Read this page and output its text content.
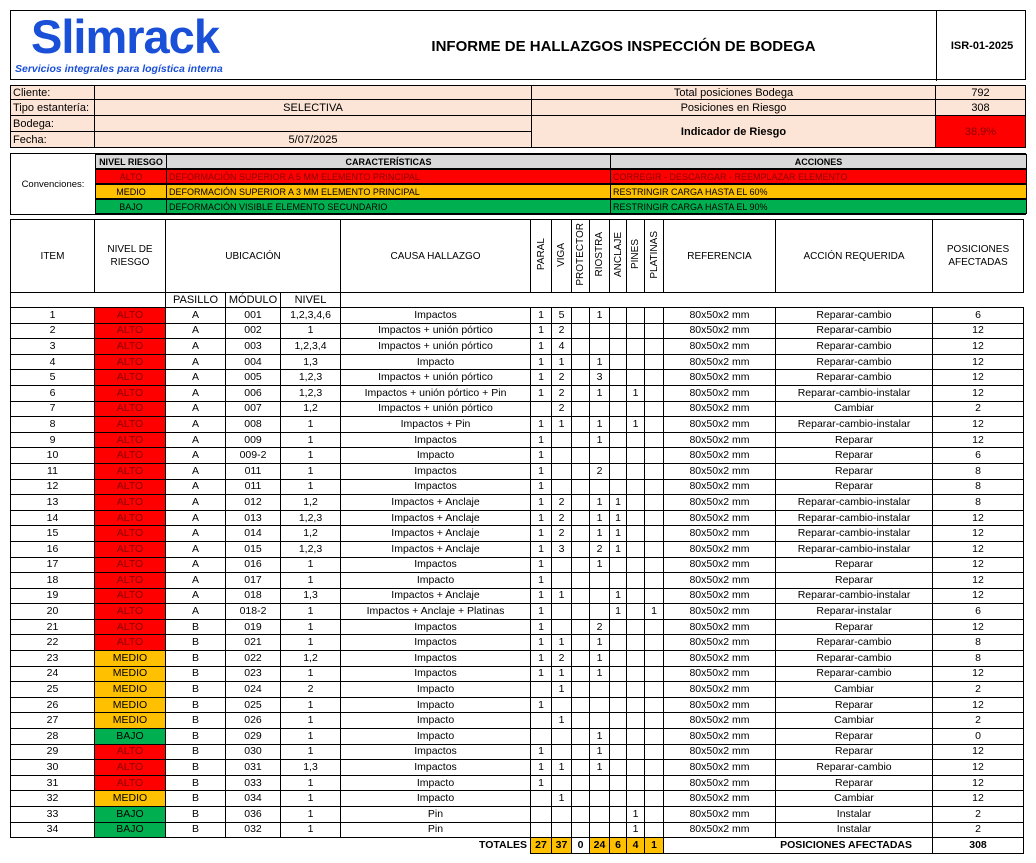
Slimrack
Servicios integrales para logística interna
INFORME DE HALLAZGOS INSPECCIÓN DE BODEGA	ISR-01-2025
Cliente:
Tipo estantería:	SELECTIVA
Bodega:
Fecha:	5/07/2025
Total posiciones Bodega	792
Posiciones en Riesgo	308
Indicador de Riesgo	38,9%
Convenciones:
NIVEL RIESGO	CARACTERÍSTICAS	ACCIONES
ALTO	DEFORMACIÓN SUPERIOR A 5 MM ELEMENTO PRINCIPAL	CORREGIR - DESCARGAR - REEMPLAZAR ELEMENTO
MEDIO	DEFORMACIÓN SUPERIOR A 3 MM ELEMENTO PRINCIPAL	RESTRINGIR CARGA HASTA EL 60%
BAJO	DEFORMACIÓN VISIBLE ELEMENTO SECUNDARIO	RESTRINGIR CARGA HASTA EL 90%
ITEM	NIVEL DE RIESGO	UBICACIÓN			CAUSA HALLAZGO	PARAL	VIGA	PROTECTOR	RIOSTRA	ANCLAJE	PINES	PLATINAS	REFERENCIA	ACCIÓN REQUERIDA	POSICIONES AFECTADAS
		PASILLO	MÓDULO	NIVEL											
1	ALTO	A	001	1,2,3,4,6	Impactos	1	5		1				80x50x2 mm	Reparar-cambio	6
2	ALTO	A	002	1	Impactos + unión pórtico	1	2						80x50x2 mm	Reparar-cambio	12
3	ALTO	A	003	1,2,3,4	Impactos + unión pórtico	1	4						80x50x2 mm	Reparar-cambio	12
4	ALTO	A	004	1,3	Impacto	1	1		1				80x50x2 mm	Reparar-cambio	12
5	ALTO	A	005	1,2,3	Impactos + unión pórtico	1	2		3				80x50x2 mm	Reparar-cambio	12
6	ALTO	A	006	1,2,3	Impactos + unión pórtico + Pin	1	2		1		1		80x50x2 mm	Reparar-cambio-instalar	12
7	ALTO	A	007	1,2	Impactos + unión pórtico		2						80x50x2 mm	Cambiar	2
8	ALTO	A	008	1	Impactos + Pin	1	1		1		1		80x50x2 mm	Reparar-cambio-instalar	12
9	ALTO	A	009	1	Impactos	1			1				80x50x2 mm	Reparar	12
10	ALTO	A	009-2	1	Impacto	1							80x50x2 mm	Reparar	6
11	ALTO	A	011	1	Impactos	1			2				80x50x2 mm	Reparar	8
12	ALTO	A	011	1	Impactos	1							80x50x2 mm	Reparar	8
13	ALTO	A	012	1,2	Impactos + Anclaje	1	2		1	1			80x50x2 mm	Reparar-cambio-instalar	8
14	ALTO	A	013	1,2,3	Impactos + Anclaje	1	2		1	1			80x50x2 mm	Reparar-cambio-instalar	12
15	ALTO	A	014	1,2	Impactos + Anclaje	1	2		1	1			80x50x2 mm	Reparar-cambio-instalar	12
16	ALTO	A	015	1,2,3	Impactos + Anclaje	1	3		2	1			80x50x2 mm	Reparar-cambio-instalar	12
17	ALTO	A	016	1	Impactos	1			1				80x50x2 mm	Reparar	12
18	ALTO	A	017	1	Impacto	1							80x50x2 mm	Reparar	12
19	ALTO	A	018	1,3	Impactos + Anclaje	1	1			1			80x50x2 mm	Reparar-cambio-instalar	12
20	ALTO	A	018-2	1	Impactos + Anclaje + Platinas	1				1		1	80x50x2 mm	Reparar-instalar	6
21	ALTO	B	019	1	Impactos	1			2				80x50x2 mm	Reparar	12
22	ALTO	B	021	1	Impactos	1	1		1				80x50x2 mm	Reparar-cambio	8
23	MEDIO	B	022	1,2	Impactos	1	2		1				80x50x2 mm	Reparar-cambio	8
24	MEDIO	B	023	1	Impactos	1	1		1				80x50x2 mm	Reparar-cambio	12
25	MEDIO	B	024	2	Impacto		1						80x50x2 mm	Cambiar	2
26	MEDIO	B	025	1	Impacto	1							80x50x2 mm	Reparar	12
27	MEDIO	B	026	1	Impacto		1						80x50x2 mm	Cambiar	2
28	BAJO	B	029	1	Impacto				1				80x50x2 mm	Reparar	0
29	ALTO	B	030	1	Impactos	1			1				80x50x2 mm	Reparar	12
30	ALTO	B	031	1,3	Impactos	1	1		1				80x50x2 mm	Reparar-cambio	12
31	ALTO	B	033	1	Impacto	1							80x50x2 mm	Reparar	12
32	MEDIO	B	034	1	Impacto		1						80x50x2 mm	Cambiar	12
33	BAJO	B	036	1	Pin						1		80x50x2 mm	Instalar	2
34	BAJO	B	032	1	Pin						1		80x50x2 mm	Instalar	2
TOTALES						27	37	0	24	6	4	1	POSICIONES AFECTADAS		308
